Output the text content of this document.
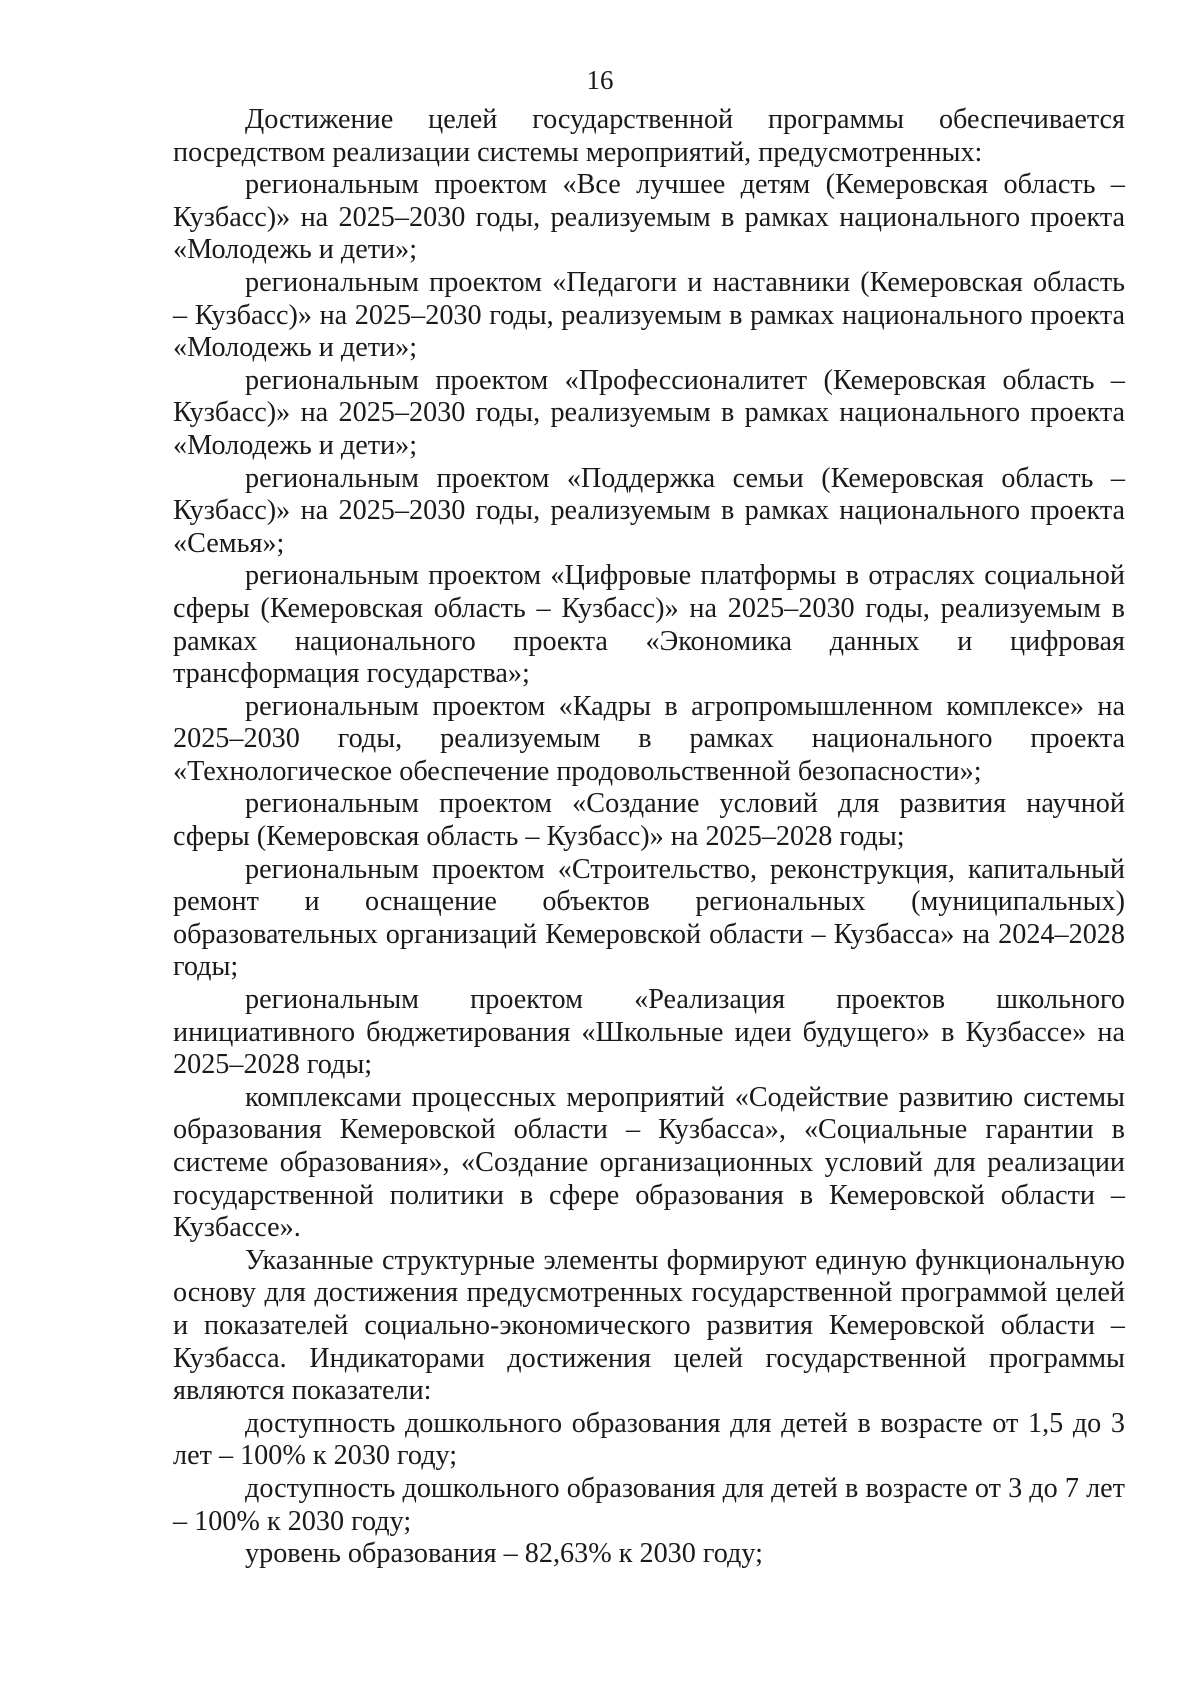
16

Достижение целей государственной программы обеспечивается посредством реализации системы мероприятий, предусмотренных:

региональным проектом «Все лучшее детям (Кемеровская область – Кузбасс)» на 2025–2030 годы, реализуемым в рамках национального проекта «Молодежь и дети»;

региональным проектом «Педагоги и наставники (Кемеровская область – Кузбасс)» на 2025–2030 годы, реализуемым в рамках национального проекта «Молодежь и дети»;

региональным проектом «Профессионалитет (Кемеровская область – Кузбасс)» на 2025–2030 годы, реализуемым в рамках национального проекта «Молодежь и дети»;

региональным проектом «Поддержка семьи (Кемеровская область – Кузбасс)» на 2025–2030 годы, реализуемым в рамках национального проекта «Семья»;

региональным проектом «Цифровые платформы в отраслях социальной сферы (Кемеровская область – Кузбасс)» на 2025–2030 годы, реализуемым в рамках национального проекта «Экономика данных и цифровая трансформация государства»;

региональным проектом «Кадры в агропромышленном комплексе» на 2025–2030 годы, реализуемым в рамках национального проекта «Технологическое обеспечение продовольственной безопасности»;

региональным проектом «Создание условий для развития научной сферы (Кемеровская область – Кузбасс)» на 2025–2028 годы;

региональным проектом «Строительство, реконструкция, капитальный ремонт и оснащение объектов региональных (муниципальных) образовательных организаций Кемеровской области – Кузбасса» на 2024–2028 годы;

региональным проектом «Реализация проектов школьного инициативного бюджетирования «Школьные идеи будущего» в Кузбассе» на 2025–2028 годы;

комплексами процессных мероприятий «Содействие развитию системы образования Кемеровской области – Кузбасса», «Социальные гарантии в системе образования», «Создание организационных условий для реализации государственной политики в сфере образования в Кемеровской области – Кузбассе».

Указанные структурные элементы формируют единую функциональную основу для достижения предусмотренных государственной программой целей и показателей социально-экономического развития Кемеровской области – Кузбасса. Индикаторами достижения целей государственной программы являются показатели:

доступность дошкольного образования для детей в возрасте от 1,5 до 3 лет – 100% к 2030 году;

доступность дошкольного образования для детей в возрасте от 3 до 7 лет – 100% к 2030 году;

уровень образования – 82,63% к 2030 году;
